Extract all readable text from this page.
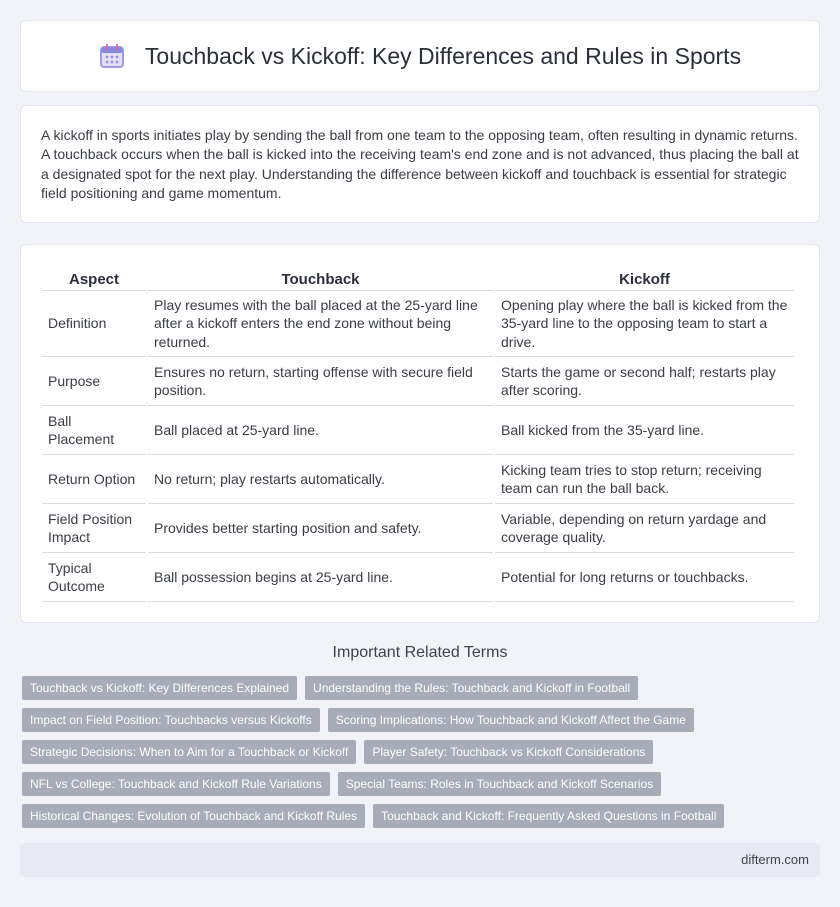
Touchback vs Kickoff: Key Differences and Rules in Sports

A kickoff in sports initiates play by sending the ball from one team to the opposing team, often resulting in dynamic returns. A touchback occurs when the ball is kicked into the receiving team's end zone and is not advanced, thus placing the ball at a designated spot for the next play. Understanding the difference between kickoff and touchback is essential for strategic field positioning and game momentum.

Aspect	Touchback	Kickoff
Definition	Play resumes with the ball placed at the 25-yard line after a kickoff enters the end zone without being returned.	Opening play where the ball is kicked from the 35-yard line to the opposing team to start a drive.
Purpose	Ensures no return, starting offense with secure field position.	Starts the game or second half; restarts play after scoring.
Ball Placement	Ball placed at 25-yard line.	Ball kicked from the 35-yard line.
Return Option	No return; play restarts automatically.	Kicking team tries to stop return; receiving team can run the ball back.
Field Position Impact	Provides better starting position and safety.	Variable, depending on return yardage and coverage quality.
Typical Outcome	Ball possession begins at 25-yard line.	Potential for long returns or touchbacks.
Important Related Terms
Touchback vs Kickoff: Key Differences Explained	Understanding the Rules: Touchback and Kickoff in Football
Impact on Field Position: Touchbacks versus Kickoffs	Scoring Implications: How Touchback and Kickoff Affect the Game
Strategic Decisions: When to Aim for a Touchback or Kickoff	Player Safety: Touchback vs Kickoff Considerations
NFL vs College: Touchback and Kickoff Rule Variations	Special Teams: Roles in Touchback and Kickoff Scenarios
Historical Changes: Evolution of Touchback and Kickoff Rules	Touchback and Kickoff: Frequently Asked Questions in Football
difterm.com
